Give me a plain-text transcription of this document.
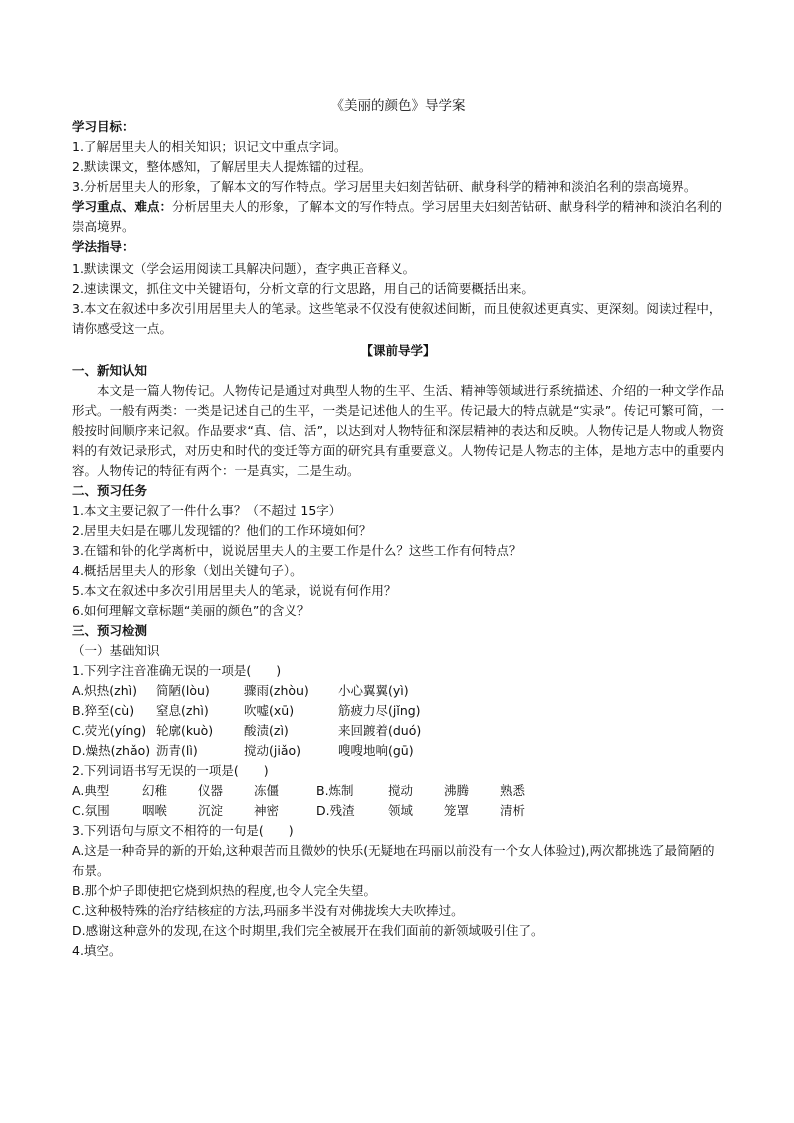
《美丽的颜色》导学案

学习目标：

1.了解居里夫人的相关知识；识记文中重点字词。

2.默读课文，整体感知，了解居里夫人提炼镭的过程。

3.分析居里夫人的形象，了解本文的写作特点。学习居里夫妇刻苦钻研、献身科学的精神和淡泊名利的崇高境界。

学习重点、难点：分析居里夫人的形象，了解本文的写作特点。学习居里夫妇刻苦钻研、献身科学的精神和淡泊名利的崇高境界。

学法指导：

1.默读课文（学会运用阅读工具解决问题），查字典正音释义。

2.速读课文，抓住文中关键语句，分析文章的行文思路，用自己的话简要概括出来。

3.本文在叙述中多次引用居里夫人的笔录。这些笔录不仅没有使叙述间断，而且使叙述更真实、更深刻。阅读过程中，请你感受这一点。

【课前导学】

一、新知认知

本文是一篇人物传记。人物传记是通过对典型人物的生平、生活、精神等领域进行系统描述、介绍的一种文学作品形式。一般有两类：一类是记述自己的生平，一类是记述他人的生平。传记最大的特点就是“实录”。传记可繁可简，一般按时间顺序来记叙。作品要求“真、信、活”，以达到对人物特征和深层精神的表达和反映。人物传记是人物或人物资料的有效记录形式，对历史和时代的变迁等方面的研究具有重要意义。人物传记是人物志的主体，是地方志中的重要内容。人物传记的特征有两个：一是真实，二是生动。

二、预习任务

1.本文主要记叙了一件什么事？（不超过 15字）

2.居里夫妇是在哪儿发现镭的？他们的工作环境如何？

3.在镭和钋的化学离析中，说说居里夫人的主要工作是什么？这些工作有何特点？

4.概括居里夫人的形象（划出关键句子）。

5.本文在叙述中多次引用居里夫人的笔录，说说有何作用？

6.如何理解文章标题“美丽的颜色”的含义？

三、预习检测

（一）基础知识

1.下列字注音准确无误的一项是(　　)

A.炽热(zhì)	简陋(lòu)	骤雨(zhòu)	小心翼翼(yì)
B.猝至(cù)	窒息(zhì)	吹嘘(xū)	筋疲力尽(jǐng)
C.荧光(yíng) 轮廓(kuò)	酸渍(zì)	来回踱着(duó)
D.燥热(zhǎo) 沥青(lì)	搅动(jiǎo)	嗖嗖地响(gū)

2.下列词语书写无误的一项是(　　)

A.典型	幻稚	仪器	冻僵	B.炼制	搅动	沸腾	熟悉
C.氛围	咽喉	沉淀	神密	D.残渣	领域	笼罩	清析

3.下列语句与原文不相符的一句是(　　)

A.这是一种奇异的新的开始,这种艰苦而且微妙的快乐(无疑地在玛丽以前没有一个女人体验过),两次都挑选了最简陋的布景。

B.那个炉子即使把它烧到炽热的程度,也令人完全失望。

C.这种极特殊的治疗结核症的方法,玛丽多半没有对佛拢埃大夫吹捧过。

D.感谢这种意外的发现,在这个时期里,我们完全被展开在我们面前的新领域吸引住了。

4.填空。
